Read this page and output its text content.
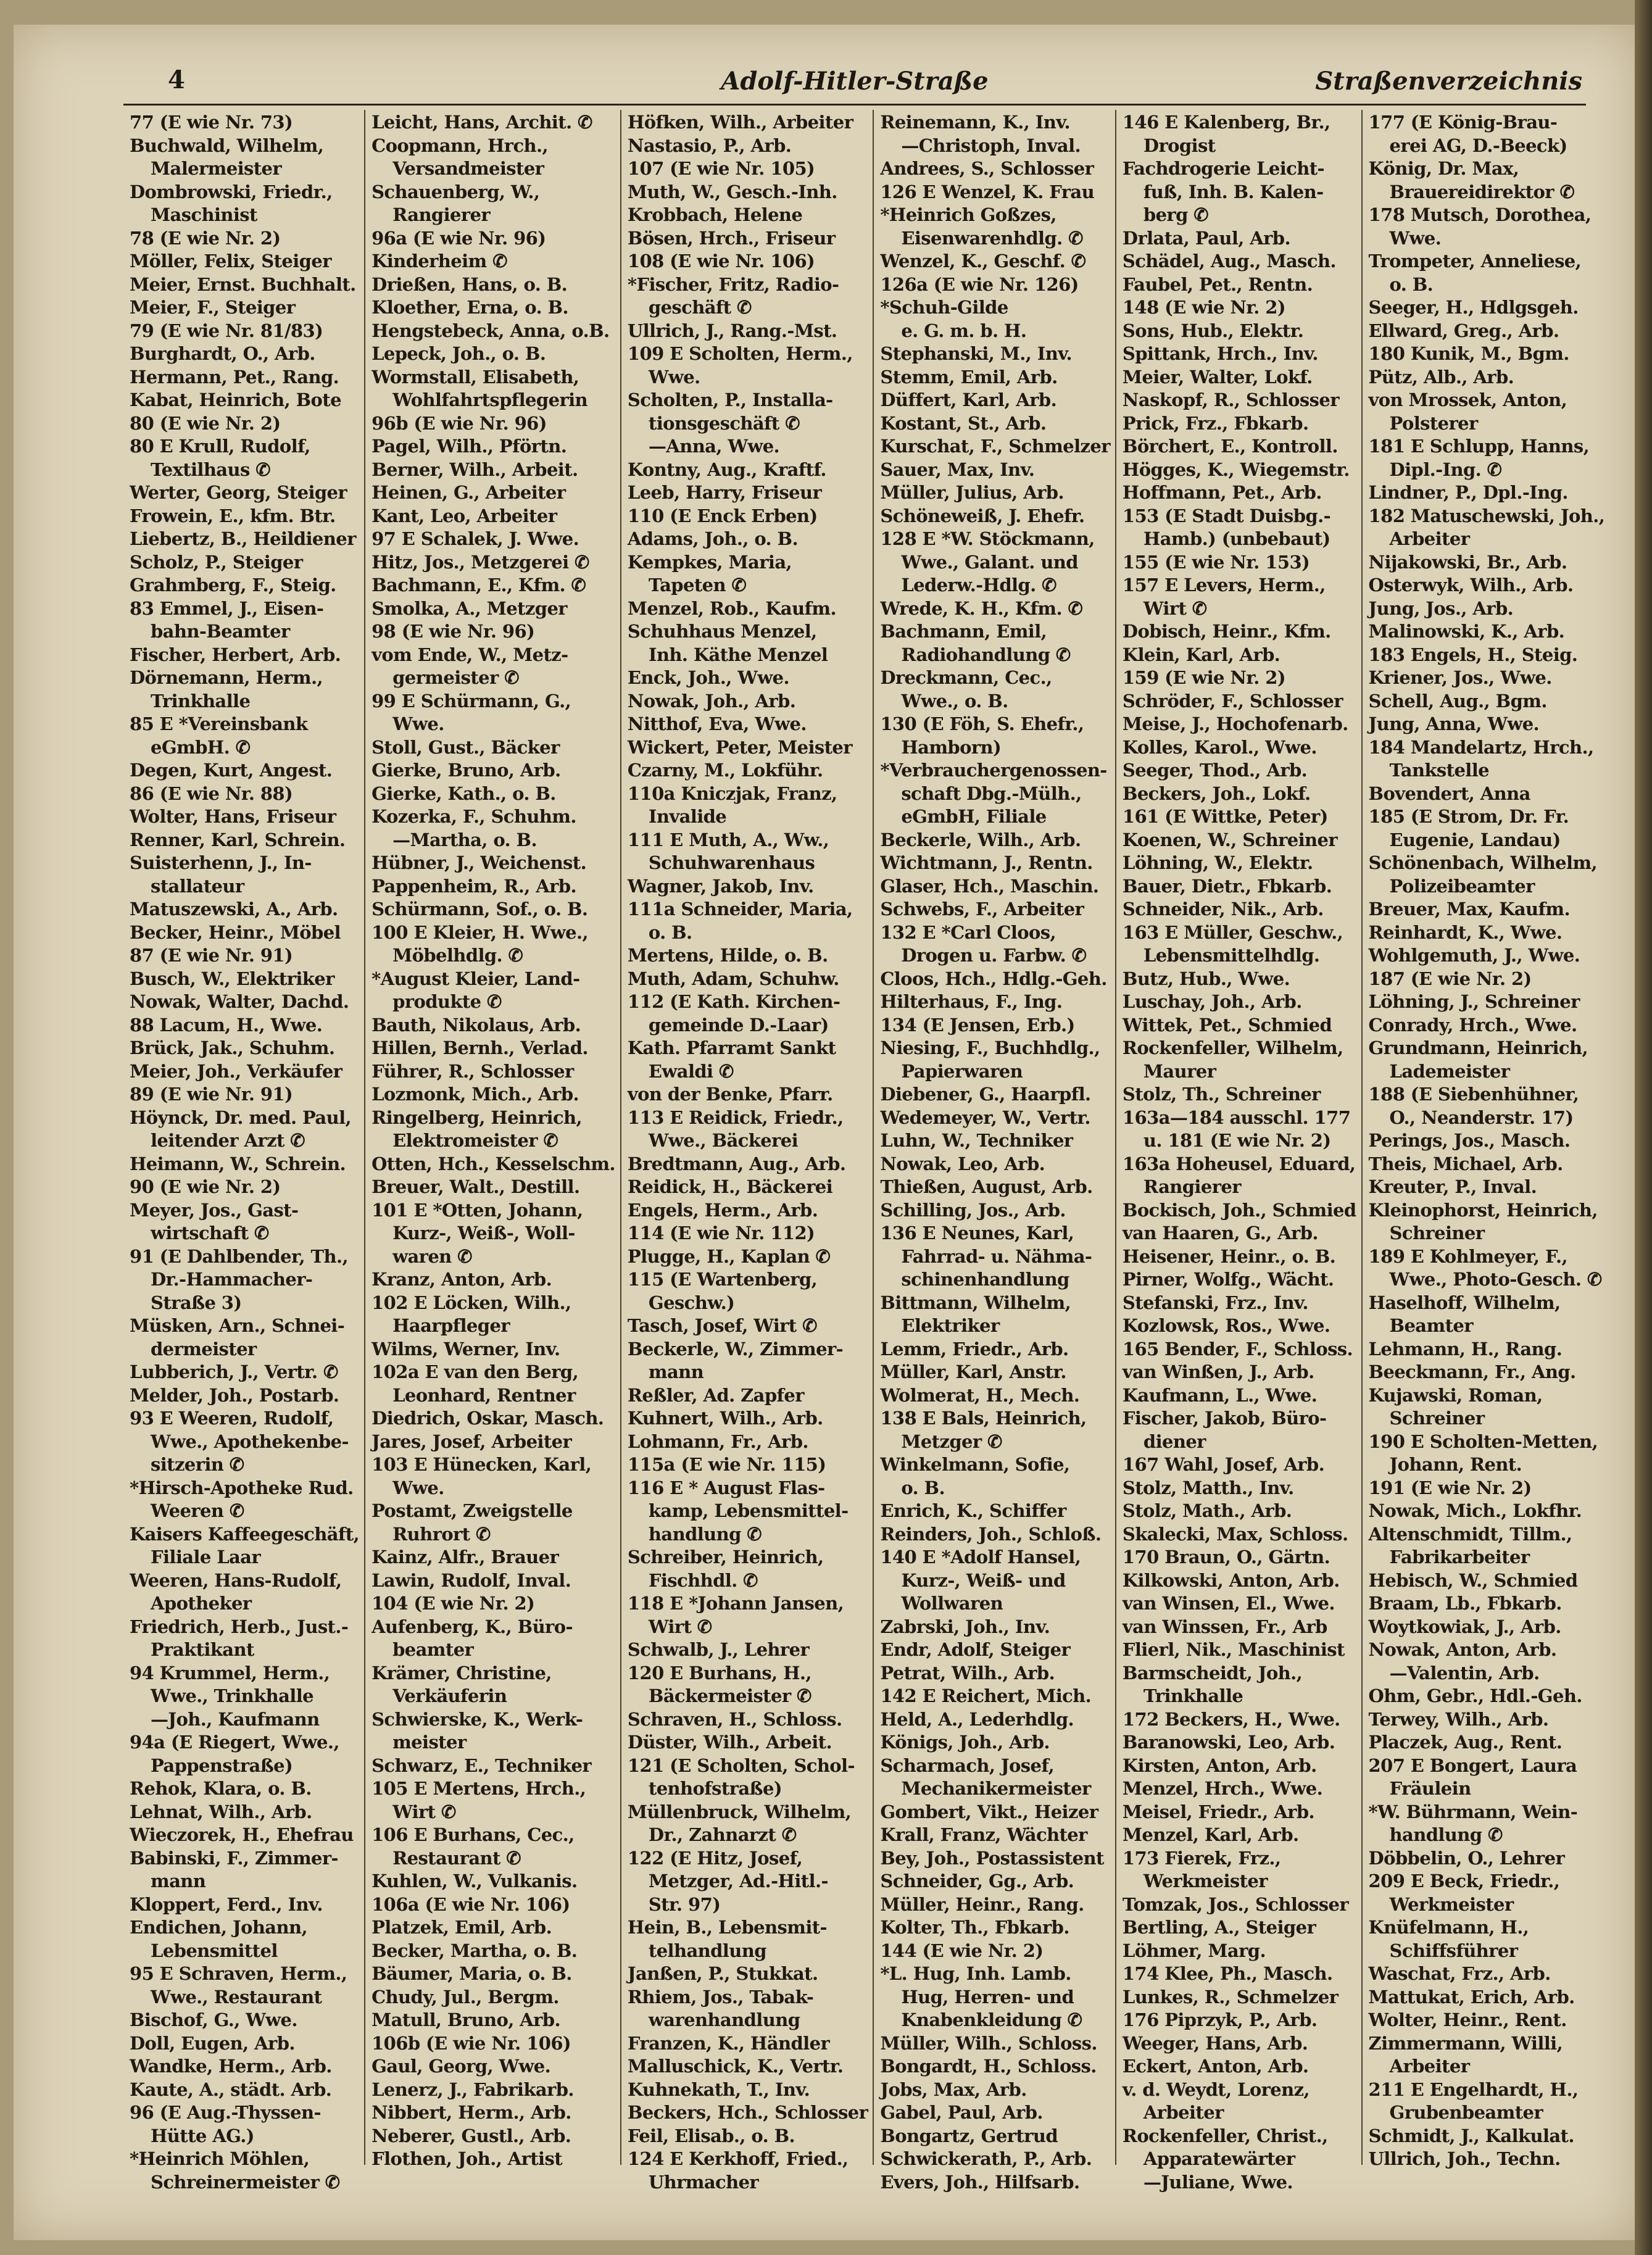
4	Adolf-Hitler-Straße	Straßenverzeichnis
77 (E wie Nr. 73)
Buchwald, Wilhelm,
Malermeister
Dombrowski, Friedr.,
Maschinist
78 (E wie Nr. 2)
Möller, Felix, Steiger
Meier, Ernst. Buchhalt.
Meier, F., Steiger
79 (E wie Nr. 81/83)
Burghardt, O., Arb.
Hermann, Pet., Rang.
Kabat, Heinrich, Bote
80 (E wie Nr. 2)
80 E Krull, Rudolf,
Textilhaus ✆
Werter, Georg, Steiger
Frowein, E., kfm. Btr.
Liebertz, B., Heildiener
Scholz, P., Steiger
Grahmberg, F., Steig.
83 Emmel, J., Eisen-
bahn-Beamter
Fischer, Herbert, Arb.
Dörnemann, Herm.,
Trinkhalle
85 E *Vereinsbank
eGmbH. ✆
Degen, Kurt, Angest.
86 (E wie Nr. 88)
Wolter, Hans, Friseur
Renner, Karl, Schrein.
Suisterhenn, J., In-
stallateur
Matuszewski, A., Arb.
Becker, Heinr., Möbel
87 (E wie Nr. 91)
Busch, W., Elektriker
Nowak, Walter, Dachd.
88 Lacum, H., Wwe.
Brück, Jak., Schuhm.
Meier, Joh., Verkäufer
89 (E wie Nr. 91)
Höynck, Dr. med. Paul,
leitender Arzt ✆
Heimann, W., Schrein.
90 (E wie Nr. 2)
Meyer, Jos., Gast-
wirtschaft ✆
91 (E Dahlbender, Th.,
Dr.-Hammacher-
Straße 3)
Müsken, Arn., Schnei-
dermeister
Lubberich, J., Vertr. ✆
Melder, Joh., Postarb.
93 E Weeren, Rudolf,
Wwe., Apothekenbe-
sitzerin ✆
*Hirsch-Apotheke Rud.
Weeren ✆
Kaisers Kaffeegeschäft,
Filiale Laar
Weeren, Hans-Rudolf,
Apotheker
Friedrich, Herb., Just.-
Praktikant
94 Krummel, Herm.,
Wwe., Trinkhalle
—Joh., Kaufmann
94a (E Riegert, Wwe.,
Pappenstraße)
Rehok, Klara, o. B.
Lehnat, Wilh., Arb.
Wieczorek, H., Ehefrau
Babinski, F., Zimmer-
mann
Kloppert, Ferd., Inv.
Endichen, Johann,
Lebensmittel
95 E Schraven, Herm.,
Wwe., Restaurant
Bischof, G., Wwe.
Doll, Eugen, Arb.
Wandke, Herm., Arb.
Kaute, A., städt. Arb.
96 (E Aug.-Thyssen-
Hütte AG.)
*Heinrich Möhlen,
Schreinermeister ✆
Leicht, Hans, Archit. ✆
Coopmann, Hrch.,
Versandmeister
Schauenberg, W.,
Rangierer
96a (E wie Nr. 96)
Kinderheim ✆
Drießen, Hans, o. B.
Kloether, Erna, o. B.
Hengstebeck, Anna, o.B.
Lepeck, Joh., o. B.
Wormstall, Elisabeth,
Wohlfahrtspflegerin
96b (E wie Nr. 96)
Pagel, Wilh., Pförtn.
Berner, Wilh., Arbeit.
Heinen, G., Arbeiter
Kant, Leo, Arbeiter
97 E Schalek, J. Wwe.
Hitz, Jos., Metzgerei ✆
Bachmann, E., Kfm. ✆
Smolka, A., Metzger
98 (E wie Nr. 96)
vom Ende, W., Metz-
germeister ✆
99 E Schürmann, G.,
Wwe.
Stoll, Gust., Bäcker
Gierke, Bruno, Arb.
Gierke, Kath., o. B.
Kozerka, F., Schuhm.
—Martha, o. B.
Hübner, J., Weichenst.
Pappenheim, R., Arb.
Schürmann, Sof., o. B.
100 E Kleier, H. Wwe.,
Möbelhdlg. ✆
*August Kleier, Land-
produkte ✆
Bauth, Nikolaus, Arb.
Hillen, Bernh., Verlad.
Führer, R., Schlosser
Lozmonk, Mich., Arb.
Ringelberg, Heinrich,
Elektromeister ✆
Otten, Hch., Kesselschm.
Breuer, Walt., Destill.
101 E *Otten, Johann,
Kurz-, Weiß-, Woll-
waren ✆
Kranz, Anton, Arb.
102 E Löcken, Wilh.,
Haarpfleger
Wilms, Werner, Inv.
102a E van den Berg,
Leonhard, Rentner
Diedrich, Oskar, Masch.
Jares, Josef, Arbeiter
103 E Hünecken, Karl,
Wwe.
Postamt, Zweigstelle
Ruhrort ✆
Kainz, Alfr., Brauer
Lawin, Rudolf, Inval.
104 (E wie Nr. 2)
Aufenberg, K., Büro-
beamter
Krämer, Christine,
Verkäuferin
Schwierske, K., Werk-
meister
Schwarz, E., Techniker
105 E Mertens, Hrch.,
Wirt ✆
106 E Burhans, Cec.,
Restaurant ✆
Kuhlen, W., Vulkanis.
106a (E wie Nr. 106)
Platzek, Emil, Arb.
Becker, Martha, o. B.
Bäumer, Maria, o. B.
Chudy, Jul., Bergm.
Matull, Bruno, Arb.
106b (E wie Nr. 106)
Gaul, Georg, Wwe.
Lenerz, J., Fabrikarb.
Nibbert, Herm., Arb.
Neberer, Gustl., Arb.
Flothen, Joh., Artist
Höfken, Wilh., Arbeiter
Nastasio, P., Arb.
107 (E wie Nr. 105)
Muth, W., Gesch.-Inh.
Krobbach, Helene
Bösen, Hrch., Friseur
108 (E wie Nr. 106)
*Fischer, Fritz, Radio-
geschäft ✆
Ullrich, J., Rang.-Mst.
109 E Scholten, Herm.,
Wwe.
Scholten, P., Installa-
tionsgeschäft ✆
—Anna, Wwe.
Kontny, Aug., Kraftf.
Leeb, Harry, Friseur
110 (E Enck Erben)
Adams, Joh., o. B.
Kempkes, Maria,
Tapeten ✆
Menzel, Rob., Kaufm.
Schuhhaus Menzel,
Inh. Käthe Menzel
Enck, Joh., Wwe.
Nowak, Joh., Arb.
Nitthof, Eva, Wwe.
Wickert, Peter, Meister
Czarny, M., Lokführ.
110a Kniczjak, Franz,
Invalide
111 E Muth, A., Ww.,
Schuhwarenhaus
Wagner, Jakob, Inv.
111a Schneider, Maria,
o. B.
Mertens, Hilde, o. B.
Muth, Adam, Schuhw.
112 (E Kath. Kirchen-
gemeinde D.-Laar)
Kath. Pfarramt Sankt
Ewaldi ✆
von der Benke, Pfarr.
113 E Reidick, Friedr.,
Wwe., Bäckerei
Bredtmann, Aug., Arb.
Reidick, H., Bäckerei
Engels, Herm., Arb.
114 (E wie Nr. 112)
Plugge, H., Kaplan ✆
115 (E Wartenberg,
Geschw.)
Tasch, Josef, Wirt ✆
Beckerle, W., Zimmer-
mann
Reßler, Ad. Zapfer
Kuhnert, Wilh., Arb.
Lohmann, Fr., Arb.
115a (E wie Nr. 115)
116 E * August Flas-
kamp, Lebensmittel-
handlung ✆
Schreiber, Heinrich,
Fischhdl. ✆
118 E *Johann Jansen,
Wirt ✆
Schwalb, J., Lehrer
120 E Burhans, H.,
Bäckermeister ✆
Schraven, H., Schloss.
Düster, Wilh., Arbeit.
121 (E Scholten, Schol-
tenhofstraße)
Müllenbruck, Wilhelm,
Dr., Zahnarzt ✆
122 (E Hitz, Josef,
Metzger, Ad.-Hitl.-
Str. 97)
Hein, B., Lebensmit-
telhandlung
Janßen, P., Stukkat.
Rhiem, Jos., Tabak-
warenhandlung
Franzen, K., Händler
Malluschick, K., Vertr.
Kuhnekath, T., Inv.
Beckers, Hch., Schlosser
Feil, Elisab., o. B.
124 E Kerkhoff, Fried.,
Uhrmacher
Reinemann, K., Inv.
—Christoph, Inval.
Andrees, S., Schlosser
126 E Wenzel, K. Frau
*Heinrich Goßzes,
Eisenwarenhdlg. ✆
Wenzel, K., Geschf. ✆
126a (E wie Nr. 126)
*Schuh-Gilde
e. G. m. b. H.
Stephanski, M., Inv.
Stemm, Emil, Arb.
Düffert, Karl, Arb.
Kostant, St., Arb.
Kurschat, F., Schmelzer
Sauer, Max, Inv.
Müller, Julius, Arb.
Schöneweiß, J. Ehefr.
128 E *W. Stöckmann,
Wwe., Galant. und
Lederw.-Hdlg. ✆
Wrede, K. H., Kfm. ✆
Bachmann, Emil,
Radiohandlung ✆
Dreckmann, Cec.,
Wwe., o. B.
130 (E Föh, S. Ehefr.,
Hamborn)
*Verbrauchergenossen-
schaft Dbg.-Mülh.,
eGmbH, Filiale
Beckerle, Wilh., Arb.
Wichtmann, J., Rentn.
Glaser, Hch., Maschin.
Schwebs, F., Arbeiter
132 E *Carl Cloos,
Drogen u. Farbw. ✆
Cloos, Hch., Hdlg.-Geh.
Hilterhaus, F., Ing.
134 (E Jensen, Erb.)
Niesing, F., Buchhdlg.,
Papierwaren
Diebener, G., Haarpfl.
Wedemeyer, W., Vertr.
Luhn, W., Techniker
Nowak, Leo, Arb.
Thießen, August, Arb.
Schilling, Jos., Arb.
136 E Neunes, Karl,
Fahrrad- u. Nähma-
schinenhandlung
Bittmann, Wilhelm,
Elektriker
Lemm, Friedr., Arb.
Müller, Karl, Anstr.
Wolmerat, H., Mech.
138 E Bals, Heinrich,
Metzger ✆
Winkelmann, Sofie,
o. B.
Enrich, K., Schiffer
Reinders, Joh., Schloß.
140 E *Adolf Hansel,
Kurz-, Weiß- und
Wollwaren
Zabrski, Joh., Inv.
Endr, Adolf, Steiger
Petrat, Wilh., Arb.
142 E Reichert, Mich.
Held, A., Lederhdlg.
Königs, Joh., Arb.
Scharmach, Josef,
Mechanikermeister
Gombert, Vikt., Heizer
Krall, Franz, Wächter
Bey, Joh., Postassistent
Schneider, Gg., Arb.
Müller, Heinr., Rang.
Kolter, Th., Fbkarb.
144 (E wie Nr. 2)
*L. Hug, Inh. Lamb.
Hug, Herren- und
Knabenkleidung ✆
Müller, Wilh., Schloss.
Bongardt, H., Schloss.
Jobs, Max, Arb.
Gabel, Paul, Arb.
Bongartz, Gertrud
Schwickerath, P., Arb.
Evers, Joh., Hilfsarb.
146 E Kalenberg, Br.,
Drogist
Fachdrogerie Leicht-
fuß, Inh. B. Kalen-
berg ✆
Drlata, Paul, Arb.
Schädel, Aug., Masch.
Faubel, Pet., Rentn.
148 (E wie Nr. 2)
Sons, Hub., Elektr.
Spittank, Hrch., Inv.
Meier, Walter, Lokf.
Naskopf, R., Schlosser
Prick, Frz., Fbkarb.
Börchert, E., Kontroll.
Högges, K., Wiegemstr.
Hoffmann, Pet., Arb.
153 (E Stadt Duisbg.-
Hamb.) (unbebaut)
155 (E wie Nr. 153)
157 E Levers, Herm.,
Wirt ✆
Dobisch, Heinr., Kfm.
Klein, Karl, Arb.
159 (E wie Nr. 2)
Schröder, F., Schlosser
Meise, J., Hochofenarb.
Kolles, Karol., Wwe.
Seeger, Thod., Arb.
Beckers, Joh., Lokf.
161 (E Wittke, Peter)
Koenen, W., Schreiner
Löhning, W., Elektr.
Bauer, Dietr., Fbkarb.
Schneider, Nik., Arb.
163 E Müller, Geschw.,
Lebensmittelhdlg.
Butz, Hub., Wwe.
Luschay, Joh., Arb.
Wittek, Pet., Schmied
Rockenfeller, Wilhelm,
Maurer
Stolz, Th., Schreiner
163a—184 ausschl. 177
u. 181 (E wie Nr. 2)
163a Hoheusel, Eduard,
Rangierer
Bockisch, Joh., Schmied
van Haaren, G., Arb.
Heisener, Heinr., o. B.
Pirner, Wolfg., Wächt.
Stefanski, Frz., Inv.
Kozlowsk, Ros., Wwe.
165 Bender, F., Schloss.
van Winßen, J., Arb.
Kaufmann, L., Wwe.
Fischer, Jakob, Büro-
diener
167 Wahl, Josef, Arb.
Stolz, Matth., Inv.
Stolz, Math., Arb.
Skalecki, Max, Schloss.
170 Braun, O., Gärtn.
Kilkowski, Anton, Arb.
van Winsen, El., Wwe.
van Winssen, Fr., Arb
Flierl, Nik., Maschinist
Barmscheidt, Joh.,
Trinkhalle
172 Beckers, H., Wwe.
Baranowski, Leo, Arb.
Kirsten, Anton, Arb.
Menzel, Hrch., Wwe.
Meisel, Friedr., Arb.
Menzel, Karl, Arb.
173 Fierek, Frz.,
Werkmeister
Tomzak, Jos., Schlosser
Bertling, A., Steiger
Löhmer, Marg.
174 Klee, Ph., Masch.
Lunkes, R., Schmelzer
176 Piprzyk, P., Arb.
Weeger, Hans, Arb.
Eckert, Anton, Arb.
v. d. Weydt, Lorenz,
Arbeiter
Rockenfeller, Christ.,
Apparatewärter
—Juliane, Wwe.
177 (E König-Brau-
erei AG, D.-Beeck)
König, Dr. Max,
Brauereidirektor ✆
178 Mutsch, Dorothea,
Wwe.
Trompeter, Anneliese,
o. B.
Seeger, H., Hdlgsgeh.
Ellward, Greg., Arb.
180 Kunik, M., Bgm.
Pütz, Alb., Arb.
von Mrossek, Anton,
Polsterer
181 E Schlupp, Hanns,
Dipl.-Ing. ✆
Lindner, P., Dpl.-Ing.
182 Matuschewski, Joh.,
Arbeiter
Nijakowski, Br., Arb.
Osterwyk, Wilh., Arb.
Jung, Jos., Arb.
Malinowski, K., Arb.
183 Engels, H., Steig.
Kriener, Jos., Wwe.
Schell, Aug., Bgm.
Jung, Anna, Wwe.
184 Mandelartz, Hrch.,
Tankstelle
Bovendert, Anna
185 (E Strom, Dr. Fr.
Eugenie, Landau)
Schönenbach, Wilhelm,
Polizeibeamter
Breuer, Max, Kaufm.
Reinhardt, K., Wwe.
Wohlgemuth, J., Wwe.
187 (E wie Nr. 2)
Löhning, J., Schreiner
Conrady, Hrch., Wwe.
Grundmann, Heinrich,
Lademeister
188 (E Siebenhühner,
O., Neanderstr. 17)
Perings, Jos., Masch.
Theis, Michael, Arb.
Kreuter, P., Inval.
Kleinophorst, Heinrich,
Schreiner
189 E Kohlmeyer, F.,
Wwe., Photo-Gesch. ✆
Haselhoff, Wilhelm,
Beamter
Lehmann, H., Rang.
Beeckmann, Fr., Ang.
Kujawski, Roman,
Schreiner
190 E Scholten-Metten,
Johann, Rent.
191 (E wie Nr. 2)
Nowak, Mich., Lokfhr.
Altenschmidt, Tillm.,
Fabrikarbeiter
Hebisch, W., Schmied
Braam, Lb., Fbkarb.
Woytkowiak, J., Arb.
Nowak, Anton, Arb.
—Valentin, Arb.
Ohm, Gebr., Hdl.-Geh.
Terwey, Wilh., Arb.
Placzek, Aug., Rent.
207 E Bongert, Laura
Fräulein
*W. Bührmann, Wein-
handlung ✆
Döbbelin, O., Lehrer
209 E Beck, Friedr.,
Werkmeister
Knüfelmann, H.,
Schiffsführer
Waschat, Frz., Arb.
Mattukat, Erich, Arb.
Wolter, Heinr., Rent.
Zimmermann, Willi,
Arbeiter
211 E Engelhardt, H.,
Grubenbeamter
Schmidt, J., Kalkulat.
Ullrich, Joh., Techn.
